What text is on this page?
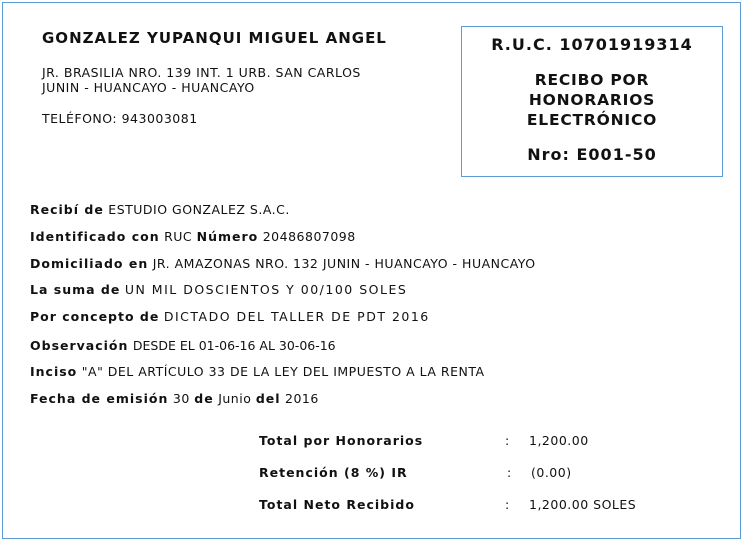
GONZALEZ YUPANQUI MIGUEL ANGEL
JR. BRASILIA NRO. 139 INT. 1 URB. SAN CARLOS
JUNIN - HUANCAYO - HUANCAYO
TELÉFONO: 943003081
R.U.C. 10701919314
RECIBO POR
HONORARIOS
ELECTRÓNICO
Nro: E001-50
Recibí de ESTUDIO GONZALEZ S.A.C.
Identificado con RUC Número 20486807098
Domiciliado en JR. AMAZONAS NRO. 132 JUNIN - HUANCAYO - HUANCAYO
La suma de UN MIL DOSCIENTOS Y 00/100 SOLES
Por concepto de DICTADO DEL TALLER DE PDT 2016
Observación DESDE EL 01-06-16 AL 30-06-16
Inciso "A" DEL ARTÍCULO 33 DE LA LEY DEL IMPUESTO A LA RENTA
Fecha de emisión 30 de Junio del 2016
Total por Honorarios	: 1,200.00
Retención (8 %) IR	: (0.00)
Total Neto Recibido	: 1,200.00 SOLES
